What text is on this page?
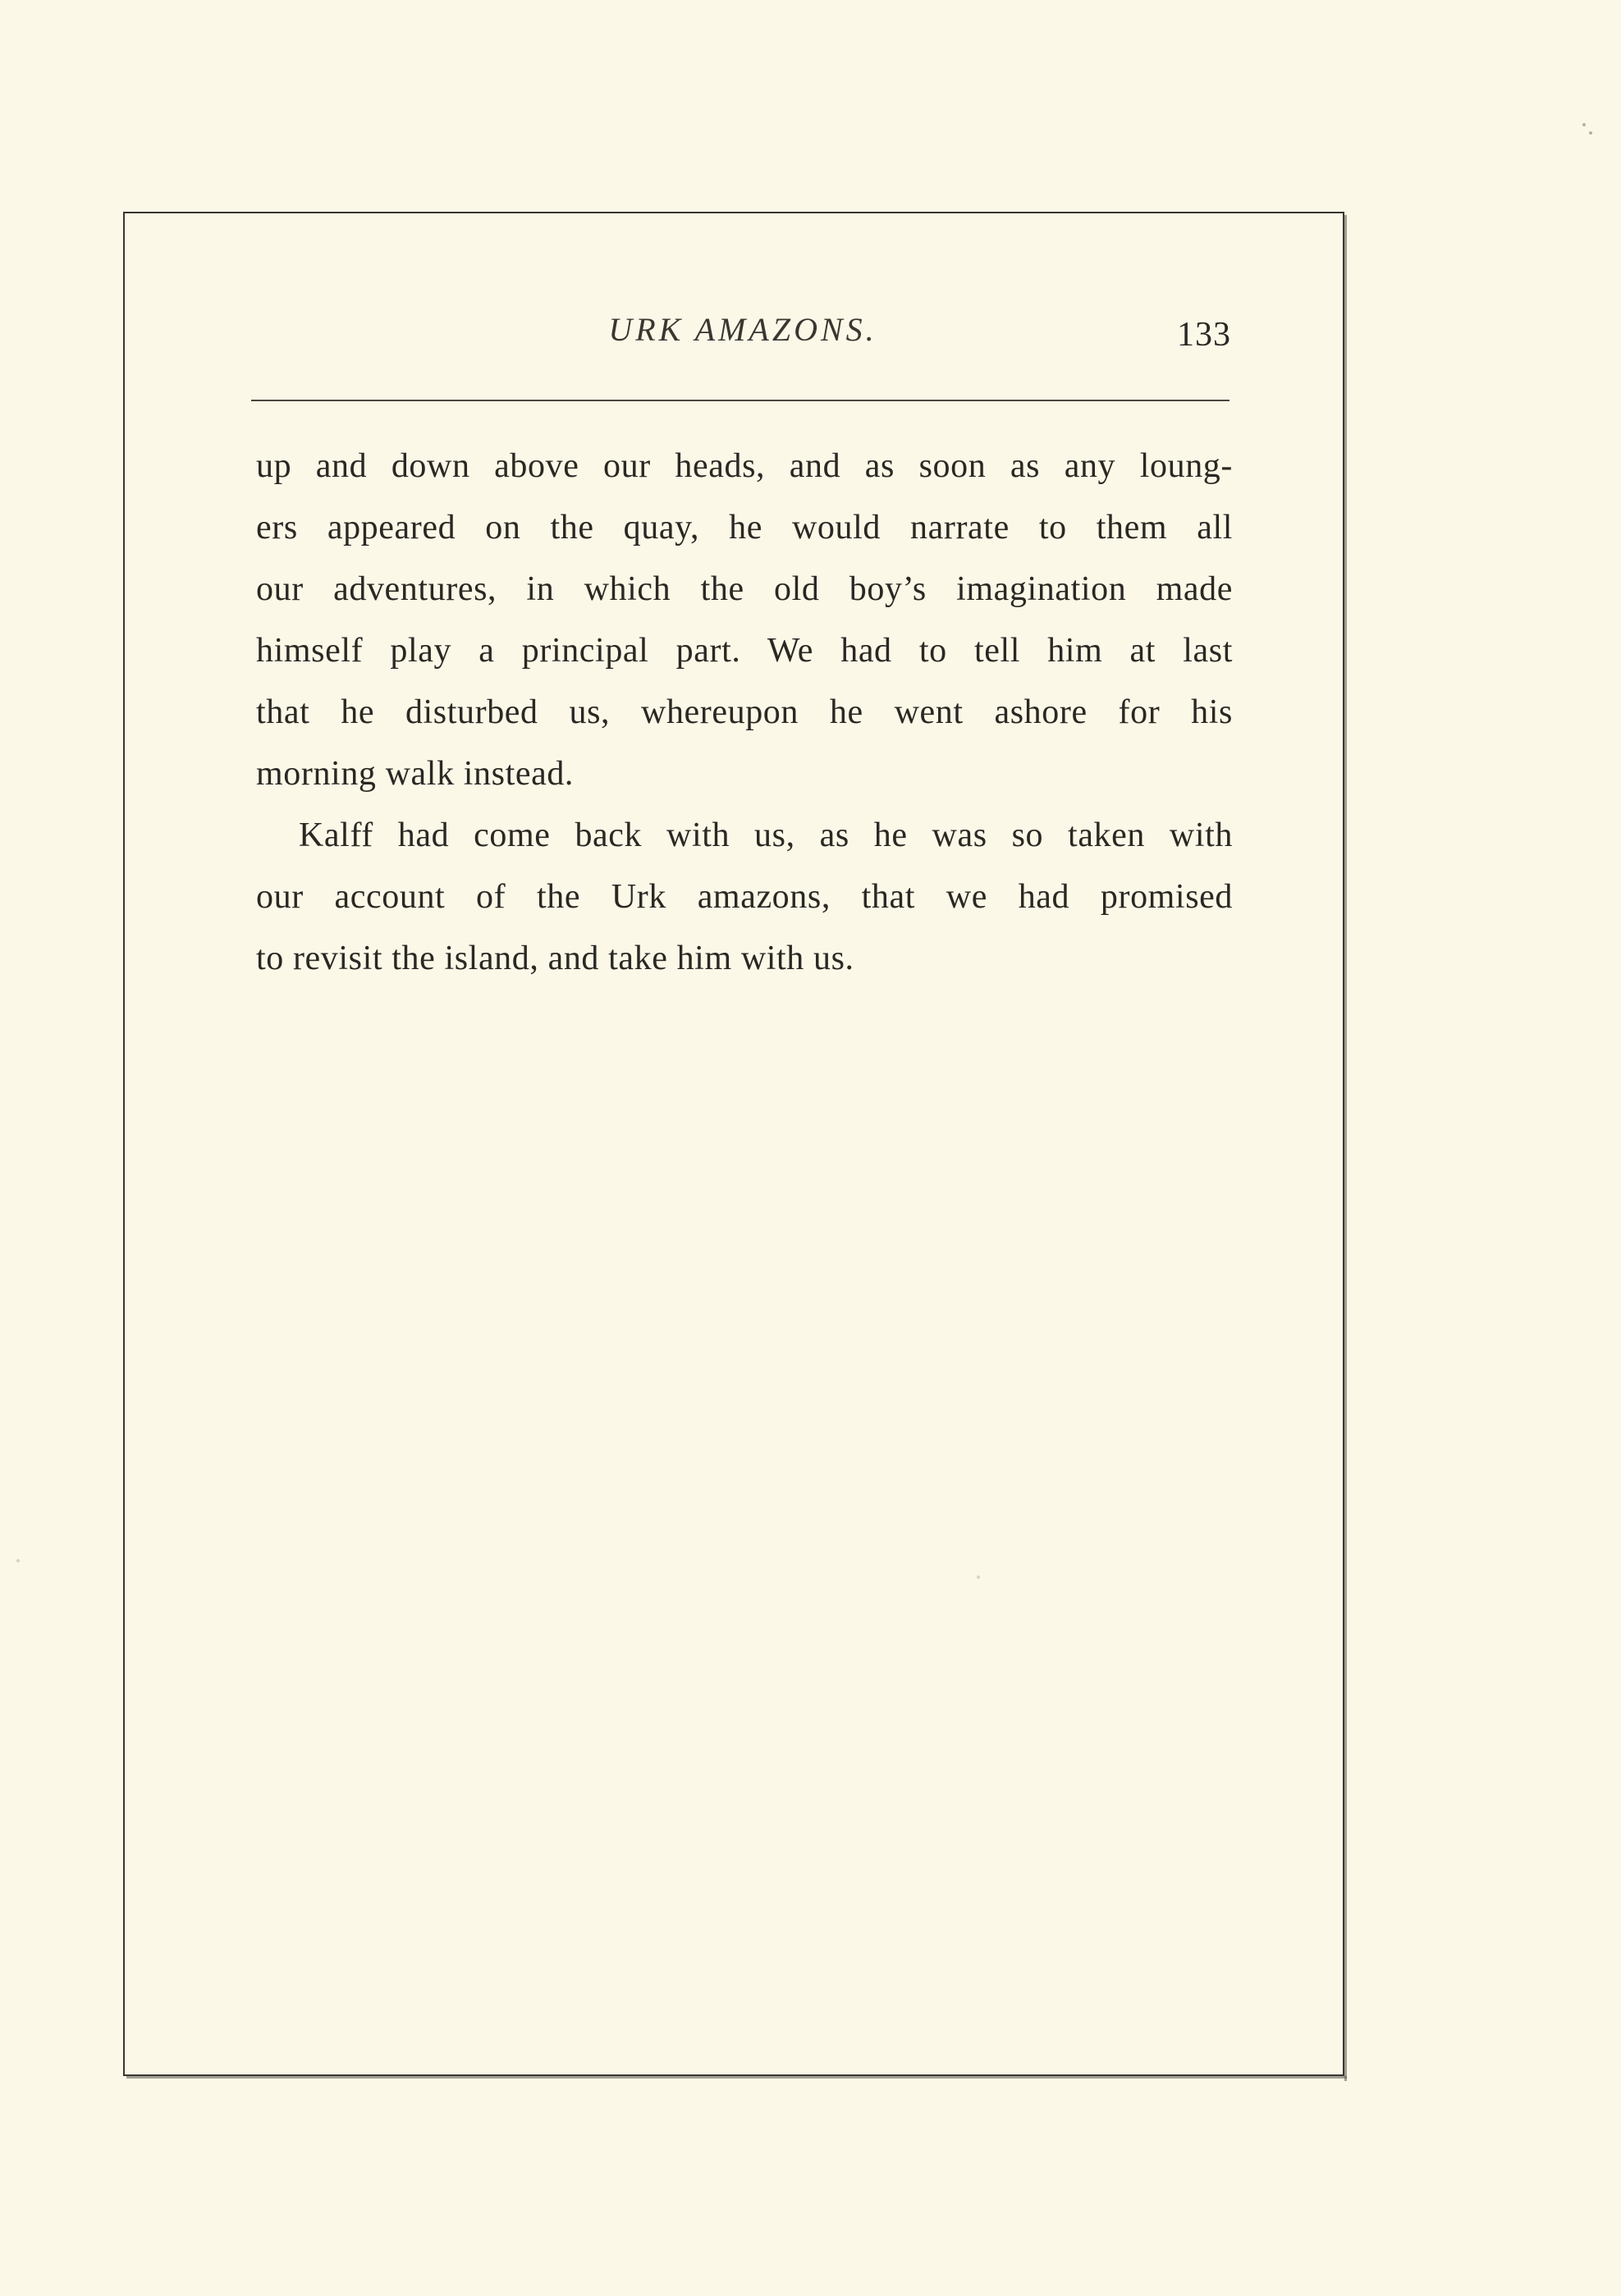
URK AMAZONS.	133
up and down above our heads, and as soon as any loung-
ers appeared on the quay, he would narrate to them all
our adventures, in which the old boy’s imagination made
himself play a principal part. We had to tell him at last
that he disturbed us, whereupon he went ashore for his
morning walk instead.
Kalff had come back with us, as he was so taken with
our account of the Urk amazons, that we had promised
to revisit the island, and take him with us.
